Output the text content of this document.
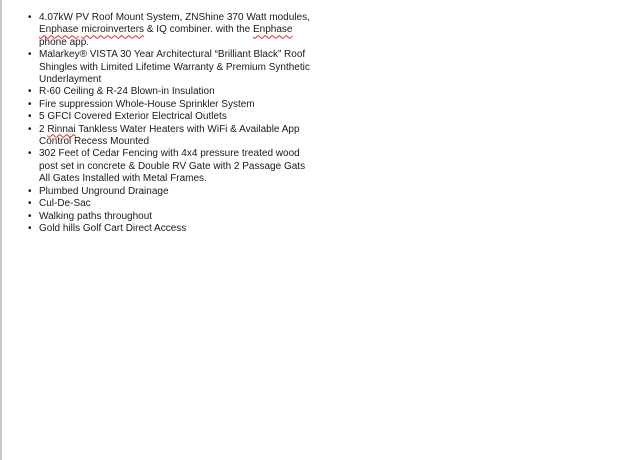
• 4.07kW PV Roof Mount System, ZNShine 370 Watt modules, Enphase microinverters & IQ combiner. with the Enphase phone app.
• Malarkey® VISTA 30 Year Architectural “Brilliant Black” Roof Shingles with Limited Lifetime Warranty & Premium Synthetic Underlayment
• R-60 Ceiling & R-24 Blown-in Insulation
• Fire suppression Whole-House Sprinkler System
• 5 GFCI Covered Exterior Electrical Outlets
• 2 Rinnai Tankless Water Heaters with WiFi & Available App Control Recess Mounted
• 302 Feet of Cedar Fencing with 4x4 pressure treated wood post set in concrete & Double RV Gate with 2 Passage Gats All Gates Installed with Metal Frames.
• Plumbed Unground Drainage
• Cul-De-Sac
• Walking paths throughout
• Gold hills Golf Cart Direct Access
